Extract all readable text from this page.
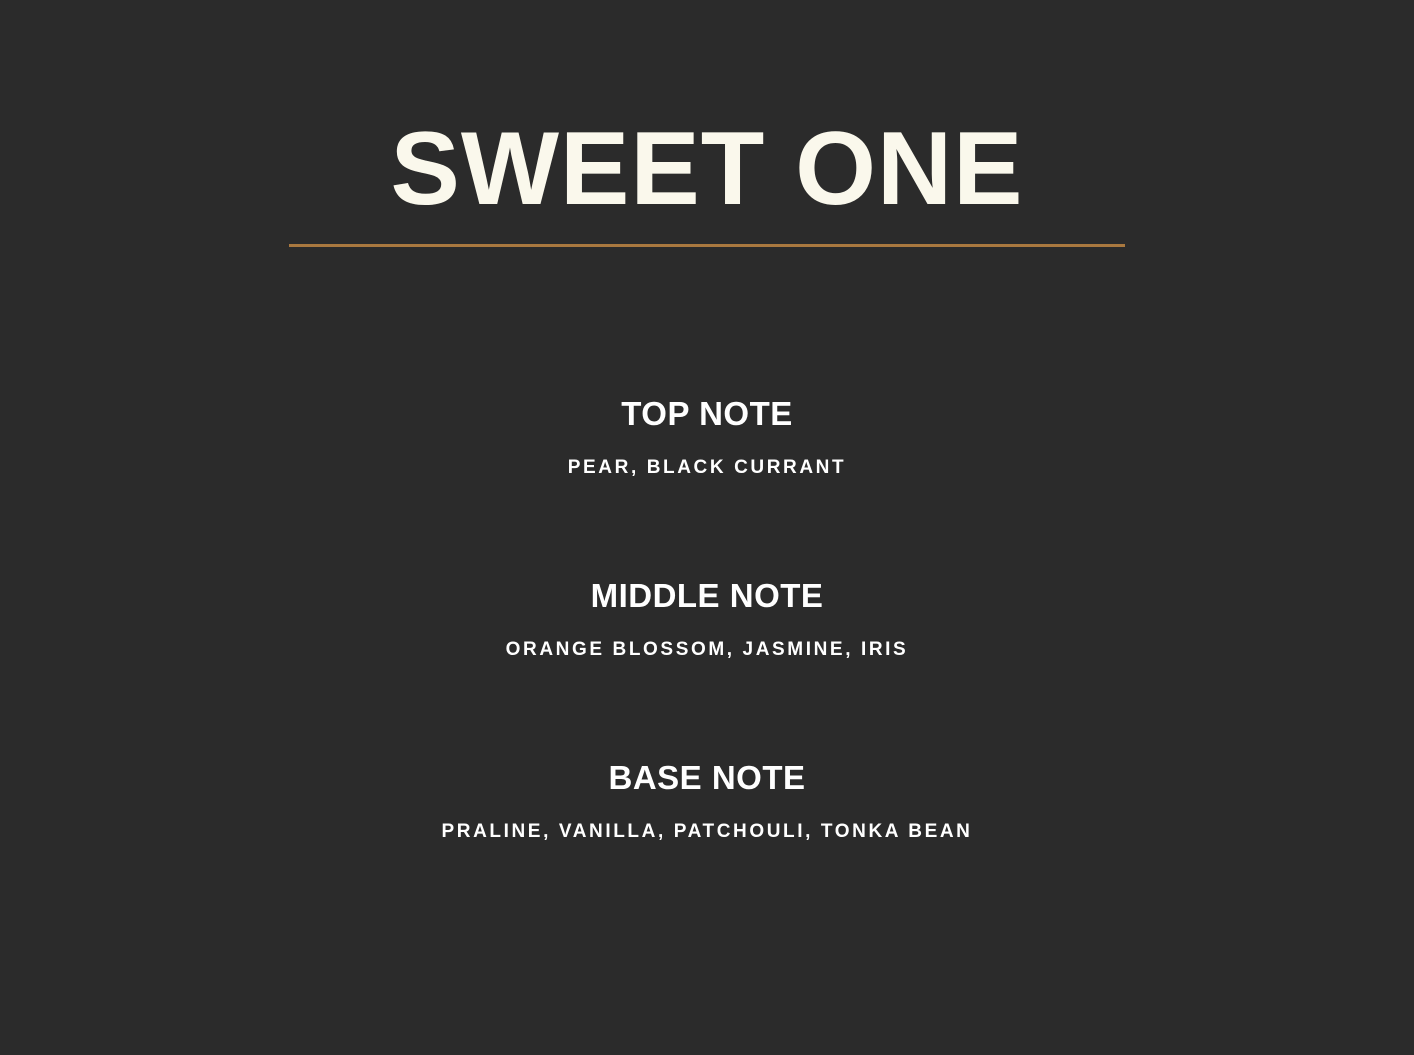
SWEET ONE
TOP NOTE
PEAR, BLACK CURRANT
MIDDLE NOTE
ORANGE BLOSSOM, JASMINE, IRIS
BASE NOTE
PRALINE, VANILLA, PATCHOULI, TONKA BEAN
